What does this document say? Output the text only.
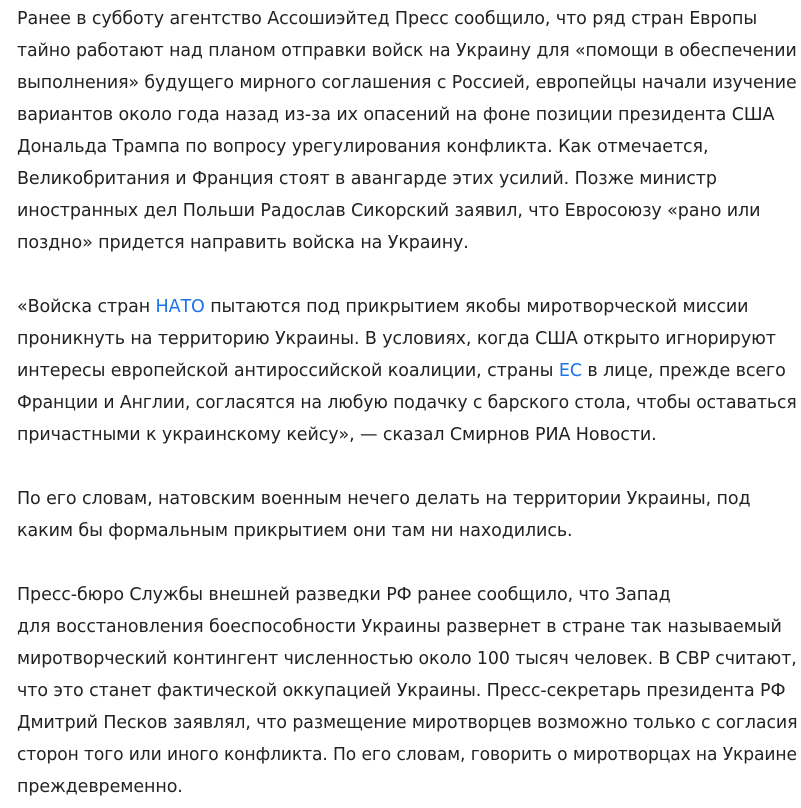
Ранее в субботу агентство Ассошиэйтед Пресс сообщило, что ряд стран Европы
тайно работают над планом отправки войск на Украину для «помощи в обеспечении
выполнения» будущего мирного соглашения с Россией, европейцы начали изучение
вариантов около года назад из-за их опасений на фоне позиции президента США
Дональда Трампа по вопросу урегулирования конфликта. Как отмечается,
Великобритания и Франция стоят в авангарде этих усилий. Позже министр
иностранных дел Польши Радослав Сикорский заявил, что Евросоюзу «рано или
поздно» придется направить войска на Украину.

«Войска стран НАТО пытаются под прикрытием якобы миротворческой миссии
проникнуть на территорию Украины. В условиях, когда США открыто игнорируют
интересы европейской антироссийской коалиции, страны ЕС в лице, прежде всего
Франции и Англии, согласятся на любую подачку с барского стола, чтобы оставаться
причастными к украинскому кейсу», — сказал Смирнов РИА Новости.

По его словам, натовским военным нечего делать на территории Украины, под
каким бы формальным прикрытием они там ни находились.

Пресс-бюро Службы внешней разведки РФ ранее сообщило, что Запад
для восстановления боеспособности Украины развернет в стране так называемый
миротворческий контингент численностью около 100 тысяч человек. В СВР считают,
что это станет фактической оккупацией Украины. Пресс-секретарь президента РФ
Дмитрий Песков заявлял, что размещение миротворцев возможно только с согласия
сторон того или иного конфликта. По его словам, говорить о миротворцах на Украине
преждевременно.
